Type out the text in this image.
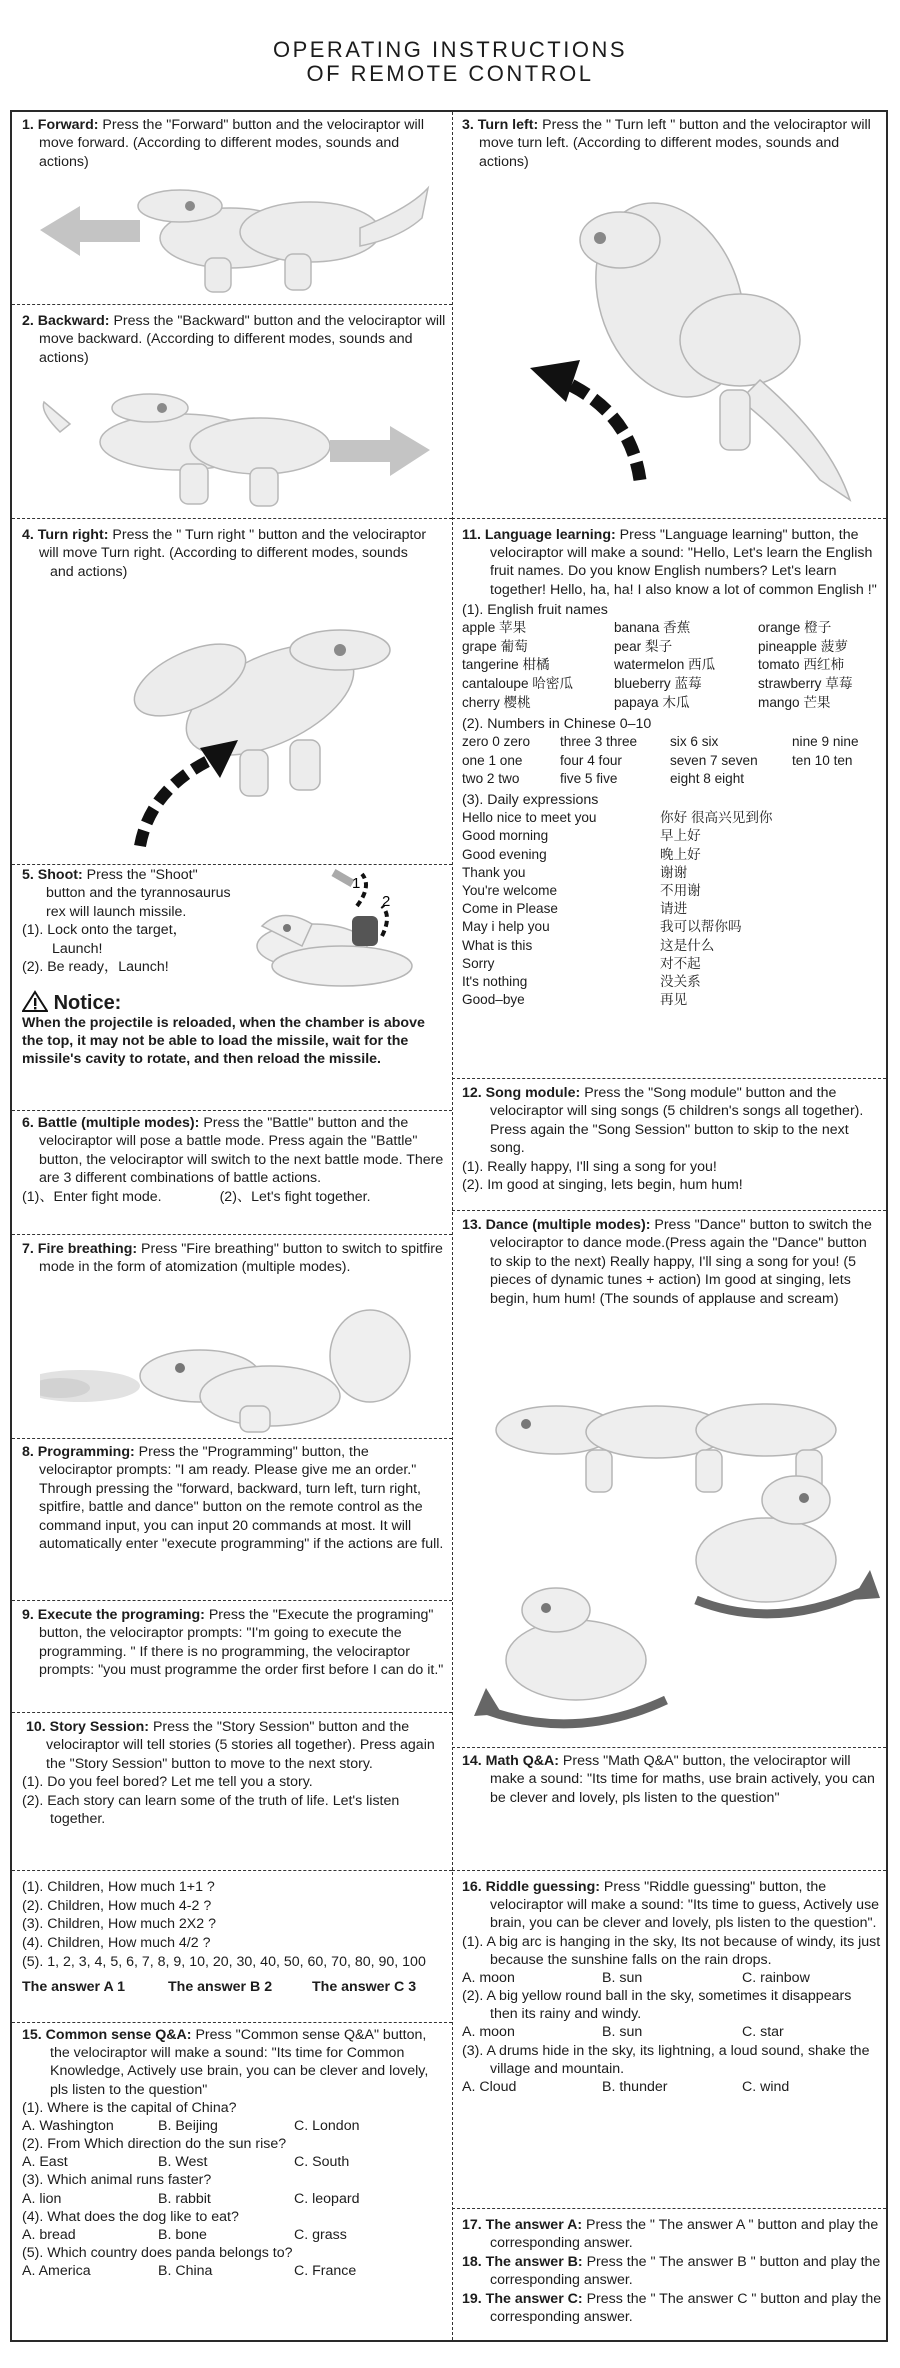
OPERATING INSTRUCTIONS
OF REMOTE CONTROL

1. Forward: Press the "Forward" button and the velociraptor will move forward. (According to different modes, sounds and actions)

2. Backward: Press the "Backward" button and the velociraptor will move backward. (According to different modes, sounds and actions)

4. Turn right: Press the " Turn right " button and the velociraptor will move Turn right. (According to different modes, sounds

and actions)

5. Shoot: Press the "Shoot" button and the tyrannosaurus rex will launch missile.

(1). Lock onto the target，

Launch!

(2). Be ready，Launch!

1
2

Notice:

When the projectile is reloaded, when the chamber is above the top, it may not be able to load the missile, wait for the missile's cavity to rotate, and then reload the missile.

6. Battle (multiple modes): Press the "Battle" button and the velociraptor will pose a battle mode. Press again the "Battle" button, the velociraptor will switch to the next battle mode. There are 3 different combinations of battle actions.

(1)、Enter fight mode.	(2)、Let's fight together.

7. Fire breathing: Press "Fire breathing" button to switch to spitfire mode in the form of atomization (multiple modes).

8. Programming: Press the "Programming" button, the velociraptor prompts: "I am ready. Please give me an order." Through pressing the "forward, backward, turn left, turn right, spitfire, battle and dance" button on the remote control as the command input, you can input 20 commands at most. It will automatically enter "execute programming" if the actions are full.

9. Execute the programing: Press the "Execute the programing" button, the velociraptor prompts: "I'm going to execute the programming. " If there is no programming, the velociraptor prompts: "you must programme the order first before I can do it."

10. Story Session: Press the "Story Session" button and the velociraptor will tell stories (5 stories all together). Press again the "Story Session" button to move to the next story.

(1). Do you feel bored? Let me tell you a story.

(2). Each story can learn some of the truth of life. Let's listen together.

(1). Children, How much 1+1 ?

(2). Children, How much 4-2 ?

(3). Children, How much 2X2 ?

(4). Children, How much 4/2 ?

(5). 1, 2, 3, 4, 5, 6, 7, 8, 9, 10, 20, 30, 40, 50, 60, 70, 80, 90, 100

The answer A 1	The answer B 2	The answer C 3

15. Common sense Q&A: Press "Common sense Q&A" button, the velociraptor will make a sound: "Its time for Common Knowledge, Actively use brain, you can be clever and lovely, pls listen to the question"

(1). Where is the capital of China?

A. Washington	B. Beijing	C. London

(2). From Which direction do the sun rise?

A. East	B. West	C. South

(3). Which animal runs faster?

A. lion	B. rabbit	C. leopard

(4). What does the dog like to eat?

A. bread	B. bone	C. grass

(5). Which country does panda belongs to?

A. America	B. China	C. France

3. Turn left: Press the " Turn left " button and the velociraptor will move turn left. (According to different modes, sounds and actions)

11. Language learning: Press "Language learning" button, the velociraptor will make a sound: "Hello, Let's learn the English fruit names. Do you know English numbers? Let's learn together! Hello, ha, ha! I also know a lot of common English !"

(1). English fruit names

apple 苹果	banana 香蕉	orange 橙子
grape 葡萄	pear 梨子	pineapple 菠萝
tangerine 柑橘	watermelon 西瓜	tomato 西红柿
cantaloupe 哈密瓜	blueberry 蓝莓	strawberry 草莓
cherry 樱桃	papaya 木瓜	mango 芒果

(2). Numbers in Chinese 0–10

zero 0 zero	three 3 three	six 6 six	nine 9 nine
one 1 one	four 4 four	seven 7 seven	ten 10 ten
two 2 two	five 5 five	eight 8 eight	

(3). Daily expressions

Hello nice to meet you	你好 很高兴见到你
Good morning	早上好
Good evening	晚上好
Thank you	谢谢
You're welcome	不用谢
Come in Please	请进
May i help you	我可以帮你吗
What is this	这是什么
Sorry	对不起
It's nothing	没关系
Good–bye	再见

12. Song module: Press the "Song module" button and the velociraptor will sing songs (5 children's songs all together). Press again the "Song Session" button to skip to the next song.

(1). Really happy, I'll sing a song for you!

(2). Im good at singing, lets begin, hum hum!

13. Dance (multiple modes): Press "Dance" button to switch the velociraptor to dance mode.(Press again the "Dance" button to skip to the next) Really happy, I'll sing a song for you! (5 pieces of dynamic tunes + action) Im good at singing, lets begin, hum hum! (The sounds of applause and scream)

14. Math Q&A: Press "Math Q&A" button, the velociraptor will make a sound: "Its time for maths, use brain actively, you can be clever and lovely, pls listen to the question"

16. Riddle guessing: Press "Riddle guessing" button, the velociraptor will make a sound: "Its time to guess, Actively use brain, you can be clever and lovely, pls listen to the question".

(1). A big arc is hanging in the sky, Its not because of windy, its just because the sunshine falls on the rain drops.

A. moon	B. sun	C. rainbow

(2). A big yellow round ball in the sky, sometimes it disappears then its rainy and windy.

A. moon	B. sun	C. star

(3). A drums hide in the sky, its lightning, a loud sound, shake the village and mountain.

A. Cloud	B. thunder	C. wind

17. The answer A: Press the " The answer A " button and play the corresponding answer.

18. The answer B: Press the " The answer B " button and play the corresponding answer.

19. The answer C: Press the " The answer C " button and play the corresponding answer.
